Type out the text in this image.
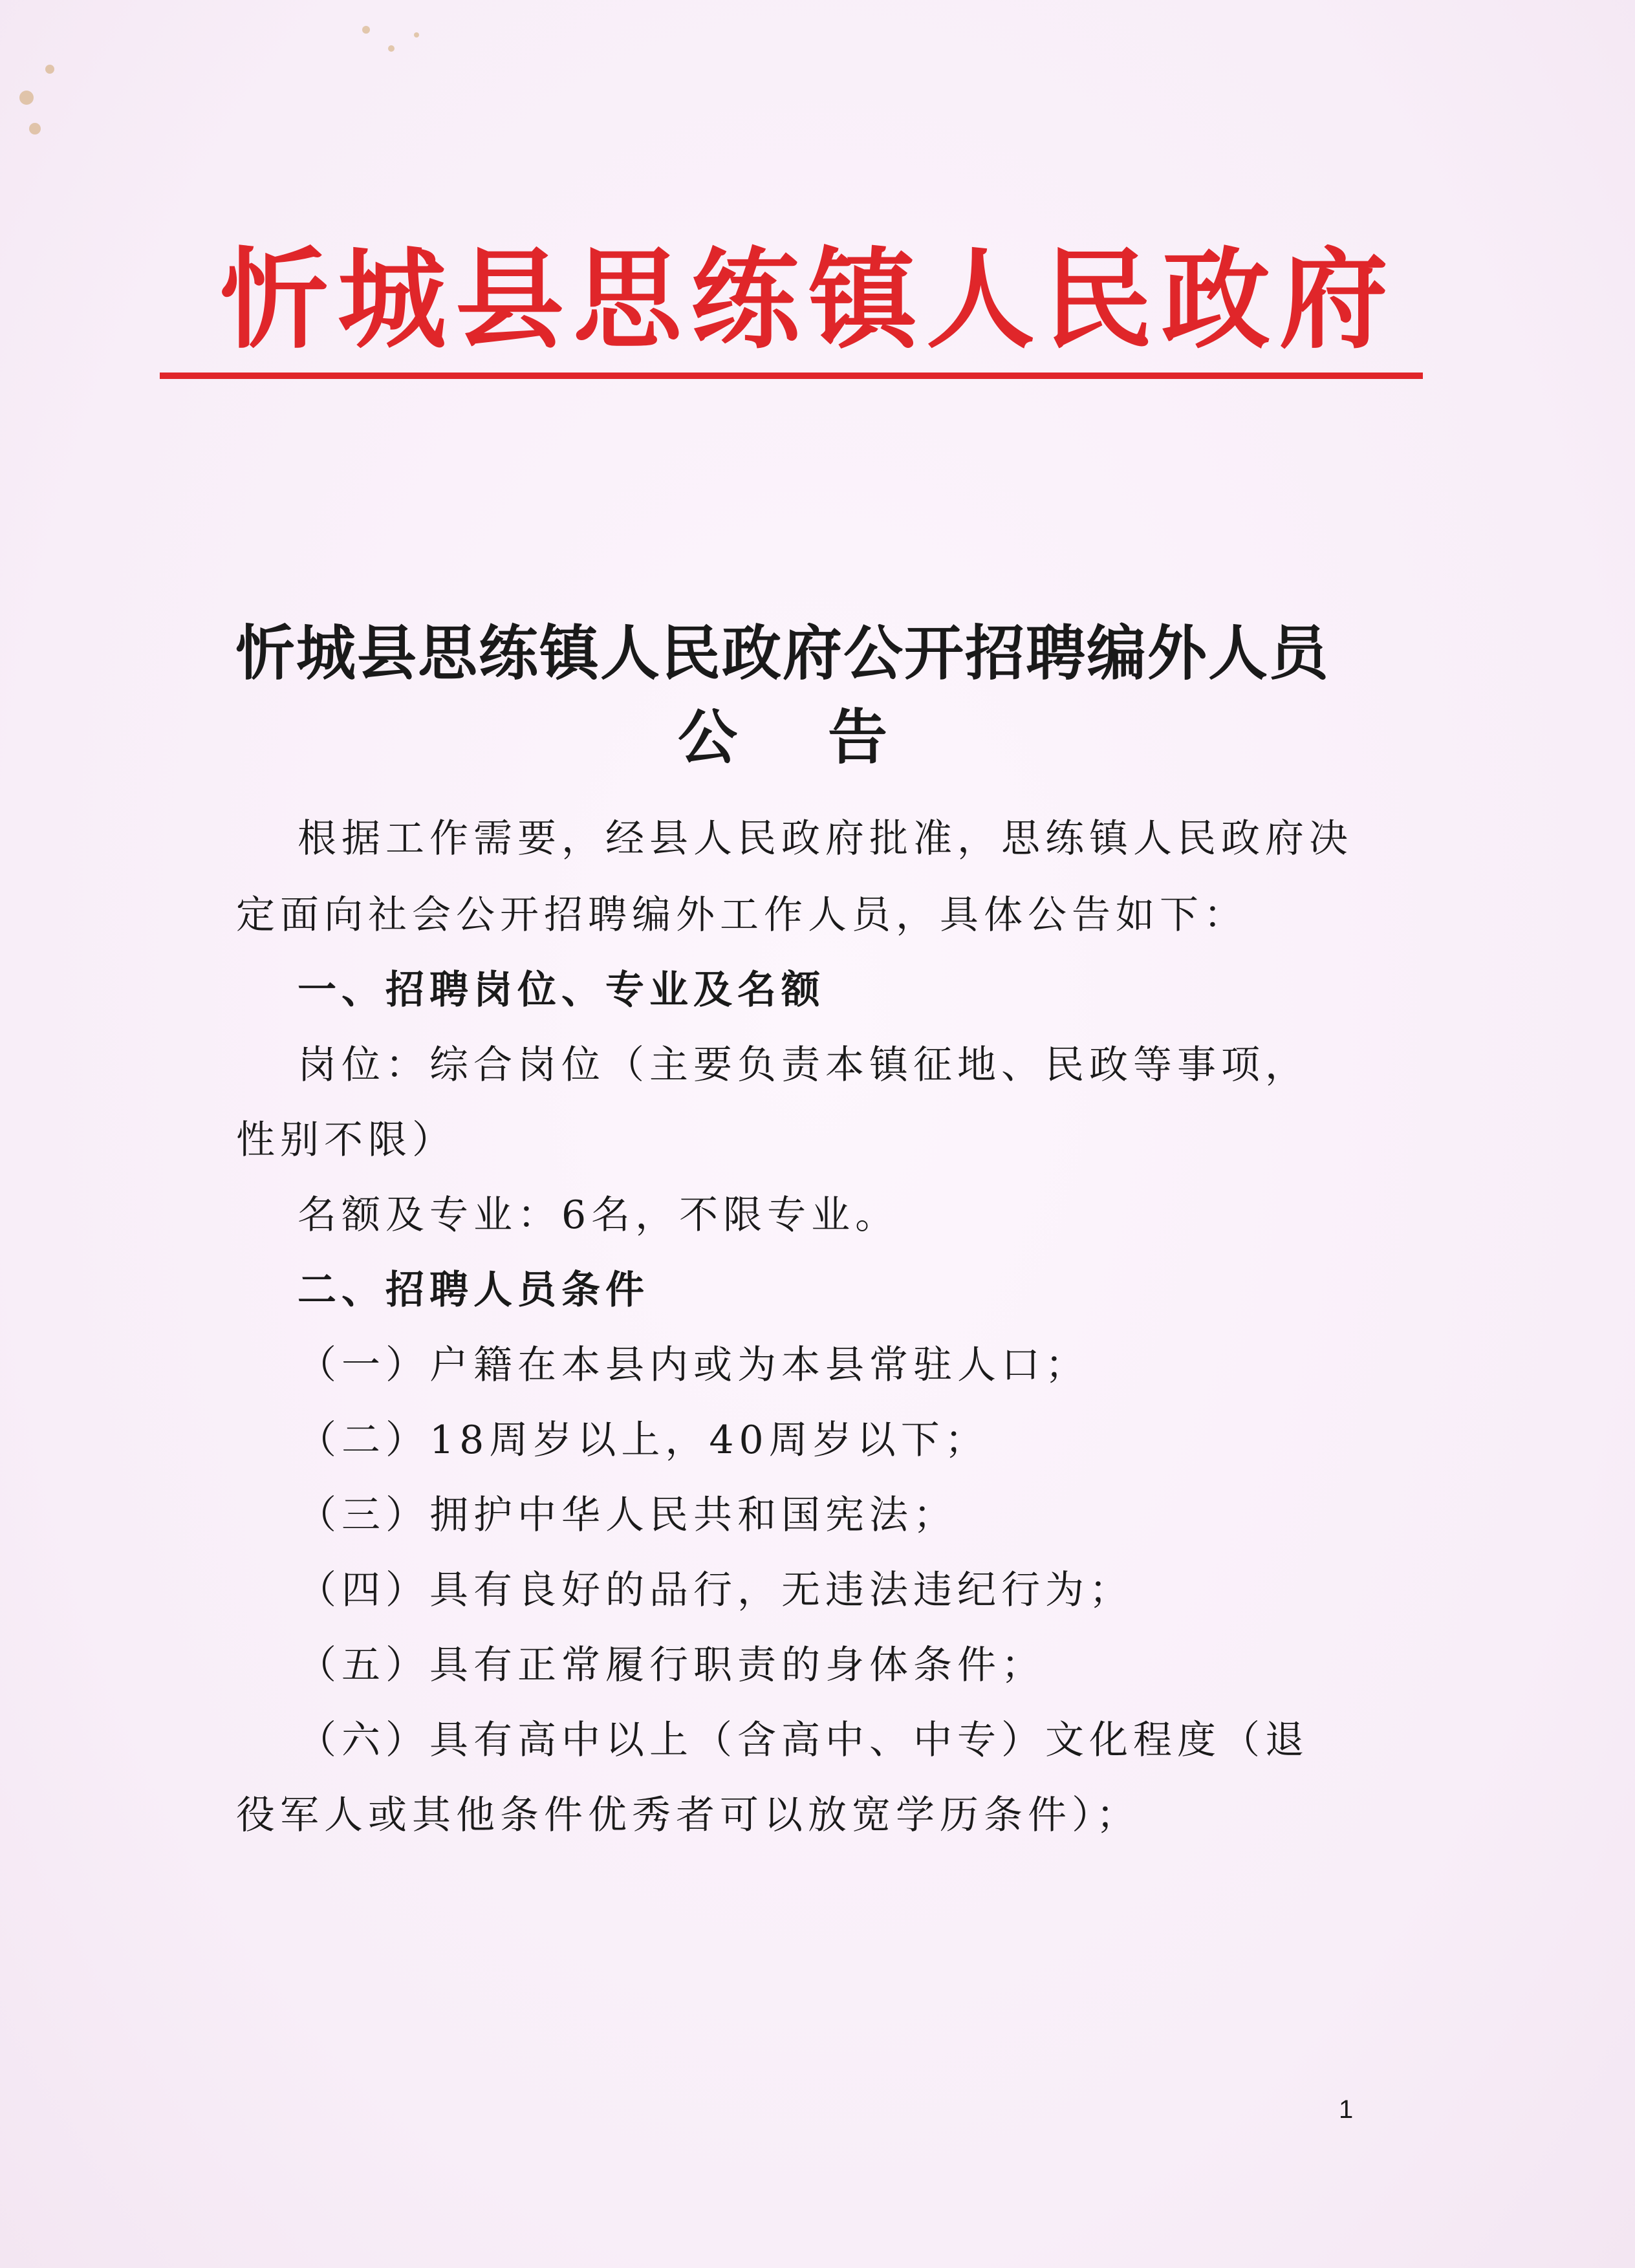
忻城县思练镇人民政府
忻城县思练镇人民政府公开招聘编外人员
公告
根据工作需要，经县人民政府批准，思练镇人民政府决
定面向社会公开招聘编外工作人员，具体公告如下：
一、招聘岗位、专业及名额
岗位：综合岗位（主要负责本镇征地、民政等事项，
性别不限）
名额及专业：6名，不限专业。
二、招聘人员条件
（一）户籍在本县内或为本县常驻人口；
（二）18周岁以上，40周岁以下；
（三）拥护中华人民共和国宪法；
（四）具有良好的品行，无违法违纪行为；
（五）具有正常履行职责的身体条件；
（六）具有高中以上（含高中、中专）文化程度（退
役军人或其他条件优秀者可以放宽学历条件）；
1
